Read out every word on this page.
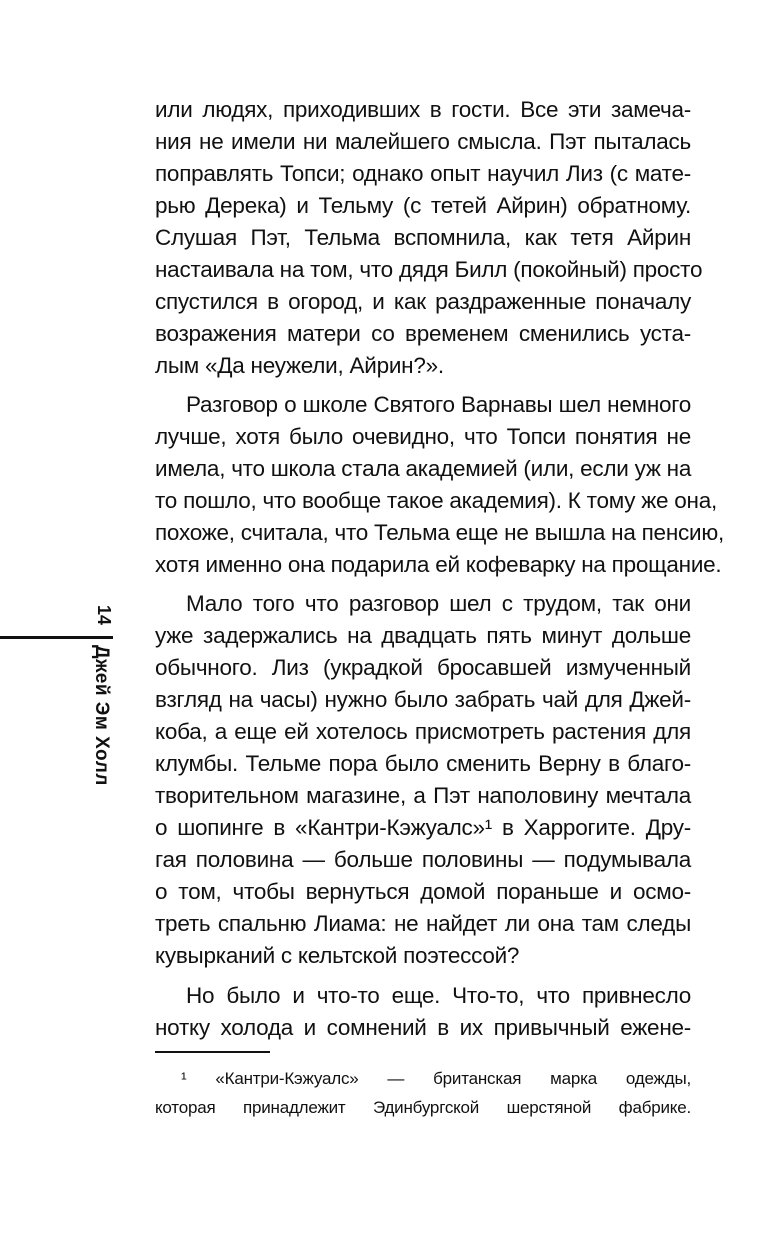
или людях, приходивших в гости. Все эти замеча-
ния не имели ни малейшего смысла. Пэт пыталась
поправлять Топси; однако опыт научил Лиз (с мате-
рью Дерека) и Тельму (с тетей Айрин) обратному.
Слушая Пэт, Тельма вспомнила, как тетя Айрин
настаивала на том, что дядя Билл (покойный) просто
спустился в огород, и как раздраженные поначалу
возражения матери со временем сменились уста-
лым «Да неужели, Айрин?».
Разговор о школе Святого Варнавы шел немного
лучше, хотя было очевидно, что Топси понятия не
имела, что школа стала академией (или, если уж на
то пошло, что вообще такое академия). К тому же она,
похоже, считала, что Тельма еще не вышла на пенсию,
хотя именно она подарила ей кофеварку на прощание.
Мало того что разговор шел с трудом, так они
уже задержались на двадцать пять минут дольше
обычного. Лиз (украдкой бросавшей измученный
взгляд на часы) нужно было забрать чай для Джей-
коба, а еще ей хотелось присмотреть растения для
клумбы. Тельме пора было сменить Верну в благо-
творительном магазине, а Пэт наполовину мечтала
о шопинге в «Кантри-Кэжуалс»¹ в Харрогите. Дру-
гая половина — больше половины — подумывала
о том, чтобы вернуться домой пораньше и осмо-
треть спальню Лиама: не найдет ли она там следы
кувырканий с кельтской поэтессой?
Но было и что-то еще. Что-то, что привнесло
нотку холода и сомнений в их привычный ежене-
¹ «Кантри-Кэжуалс» — британская марка одежды,
которая принадлежит Эдинбургской шерстяной фабрике.
14
Джей Эм Холл
